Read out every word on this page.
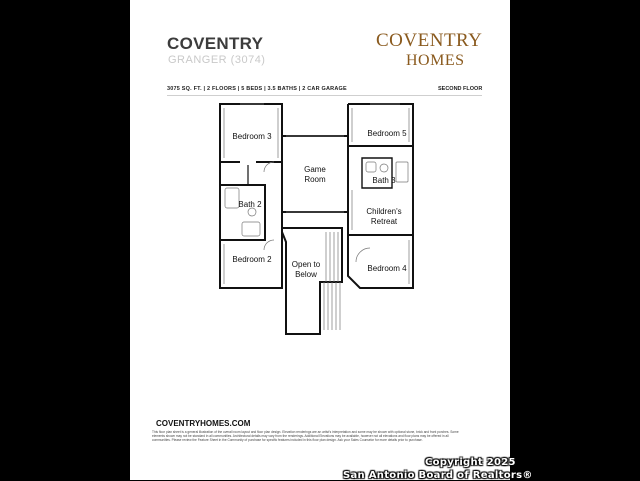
COVENTRY
GRANGER (3074)
COVENTRY
HOMES
3075 SQ. FT. | 2 FLOORS | 5 BEDS | 3.5 BATHS | 2 CAR GARAGE	SECOND FLOOR
Bedroom 3	Bedroom 5
Game
Room
Bath 2
Bath 3
Children's
Retreat
Bedroom 2
Open to
Below
Bedroom 4
COVENTRYHOMES.COM
This floor plan sheet is a general illustration of the overall room layout and floor plan design. Elevation renderings are an artist's interpretation and some may be shown with optional stone, brick and front porches. Some elements shown may not be standard in all communities. Architectural details may vary from the renderings. Additional Elevations may be available, however not all elevations and floor plans may be offered in all communities. Please review the Feature Sheet in the Community of purchase for specific features included in this floor plan design. Ask your Sales Counselor for more details prior to purchase.
Copyright 2025
San Antonio Board of Realtors®
